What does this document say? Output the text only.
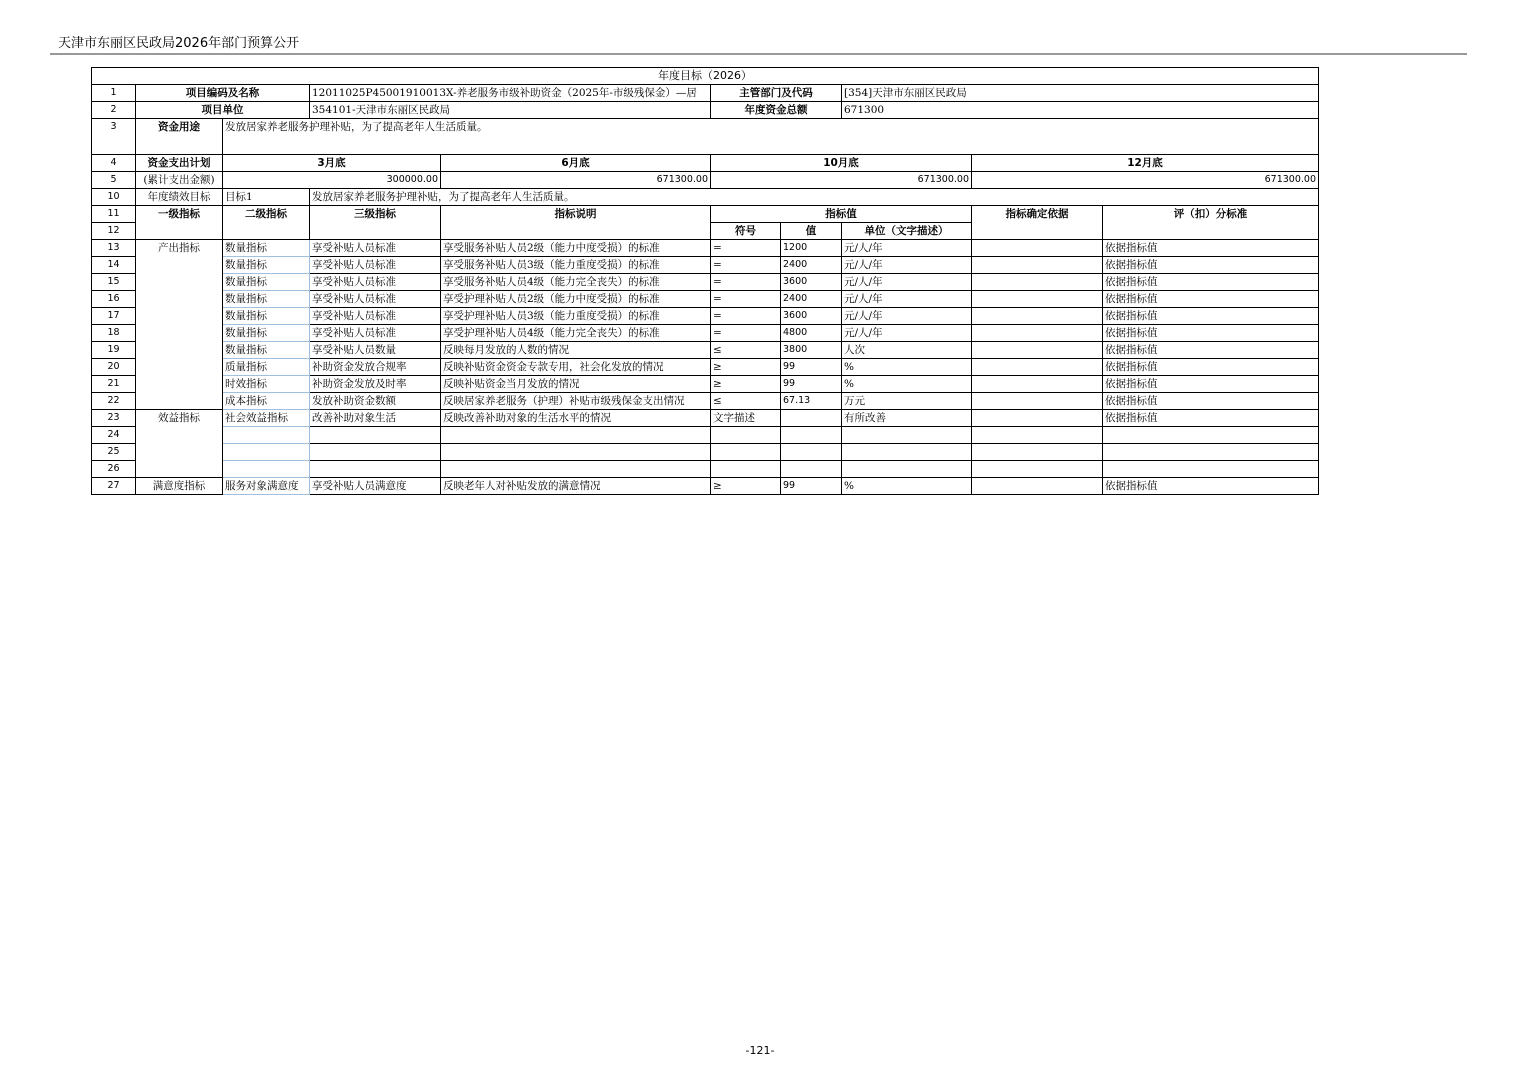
天津市东丽区民政局2026年部门预算公开
年度目标（2026）									
1	项目编码及名称		12011025P45001910013X-养老服务市级补助资金（2025年-市级残保金）—居		主管部门及代码		[354]天津市东丽区民政局		
2	项目单位		354101-天津市东丽区民政局		年度资金总额		671300		
3	资金用途	发放居家养老服务护理补贴，为了提高老年人生活质量。							
4	资金支出计划	3月底		6月底	10月底			12月底	
5	(累计支出金额)	300000.00		671300.00	671300.00			671300.00	
10	年度绩效目标	目标1	发放居家养老服务护理补贴，为了提高老年人生活质量。						
11	一级指标	二级指标	三级指标	指标说明	指标值			指标确定依据	评（扣）分标准
12					符号	值	单位（文字描述）		
13	产出指标	数量指标	享受补贴人员标准	享受服务补贴人员2级（能力中度受损）的标准	=	1200	元/人/年		依据指标值
14		数量指标	享受补贴人员标准	享受服务补贴人员3级（能力重度受损）的标准	=	2400	元/人/年		依据指标值
15		数量指标	享受补贴人员标准	享受服务补贴人员4级（能力完全丧失）的标准	=	3600	元/人/年		依据指标值
16		数量指标	享受补贴人员标准	享受护理补贴人员2级（能力中度受损）的标准	=	2400	元/人/年		依据指标值
17		数量指标	享受补贴人员标准	享受护理补贴人员3级（能力重度受损）的标准	=	3600	元/人/年		依据指标值
18		数量指标	享受补贴人员标准	享受护理补贴人员4级（能力完全丧失）的标准	=	4800	元/人/年		依据指标值
19		数量指标	享受补贴人员数量	反映每月发放的人数的情况	≤	3800	人次		依据指标值
20		质量指标	补助资金发放合规率	反映补贴资金资金专款专用，社会化发放的情况	≥	99	%		依据指标值
21		时效指标	补助资金发放及时率	反映补贴资金当月发放的情况	≥	99	%		依据指标值
22		成本指标	发放补助资金数额	反映居家养老服务（护理）补贴市级残保金支出情况	≤	67.13	万元		依据指标值
23	效益指标	社会效益指标	改善补助对象生活	反映改善补助对象的生活水平的情况	文字描述		有所改善		依据指标值
24									
25									
26									
27	满意度指标	服务对象满意度	享受补贴人员满意度	反映老年人对补贴发放的满意情况	≥	99	%		依据指标值
-121-
